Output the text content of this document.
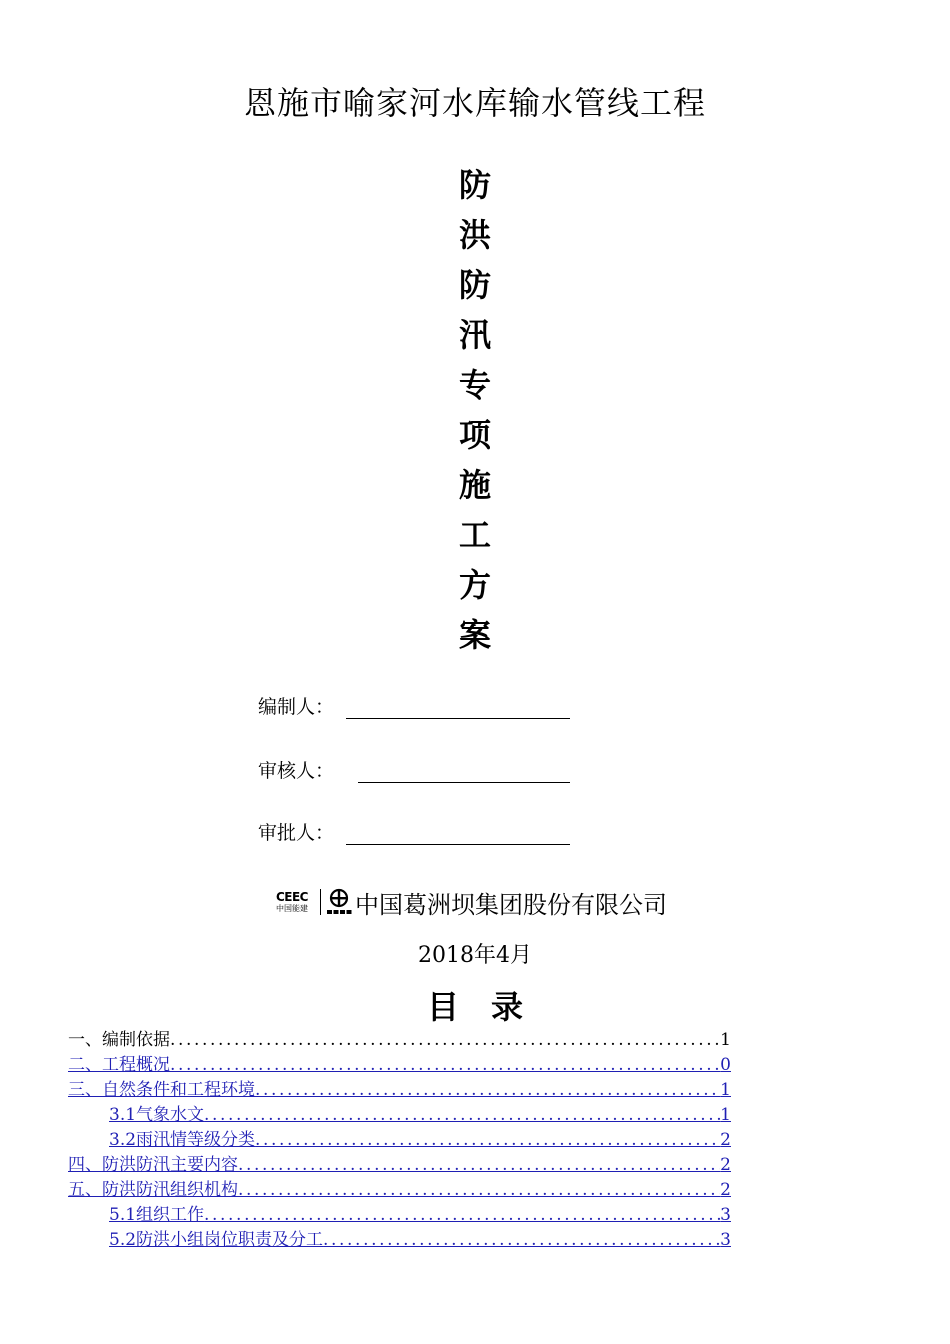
恩施市喻家河水库输水管线工程
防
洪
防
汛
专
项
施
工
方
案
编制人：
审核人：
审批人：
CEEC
中国能建 中国葛洲坝集团股份有限公司
2018年4月
目　录
一、编制依据 .....	1
二、工程概况 .....	0
三、自然条件和工程环境 .....	1
3.1气象水文 .....	1
3.2雨汛情等级分类 .....	2
四、防洪防汛主要内容 .....	2
五、防洪防汛组织机构 .....	2
5.1组织工作 .....	3
5.2防洪小组岗位职责及分工 .....	3
